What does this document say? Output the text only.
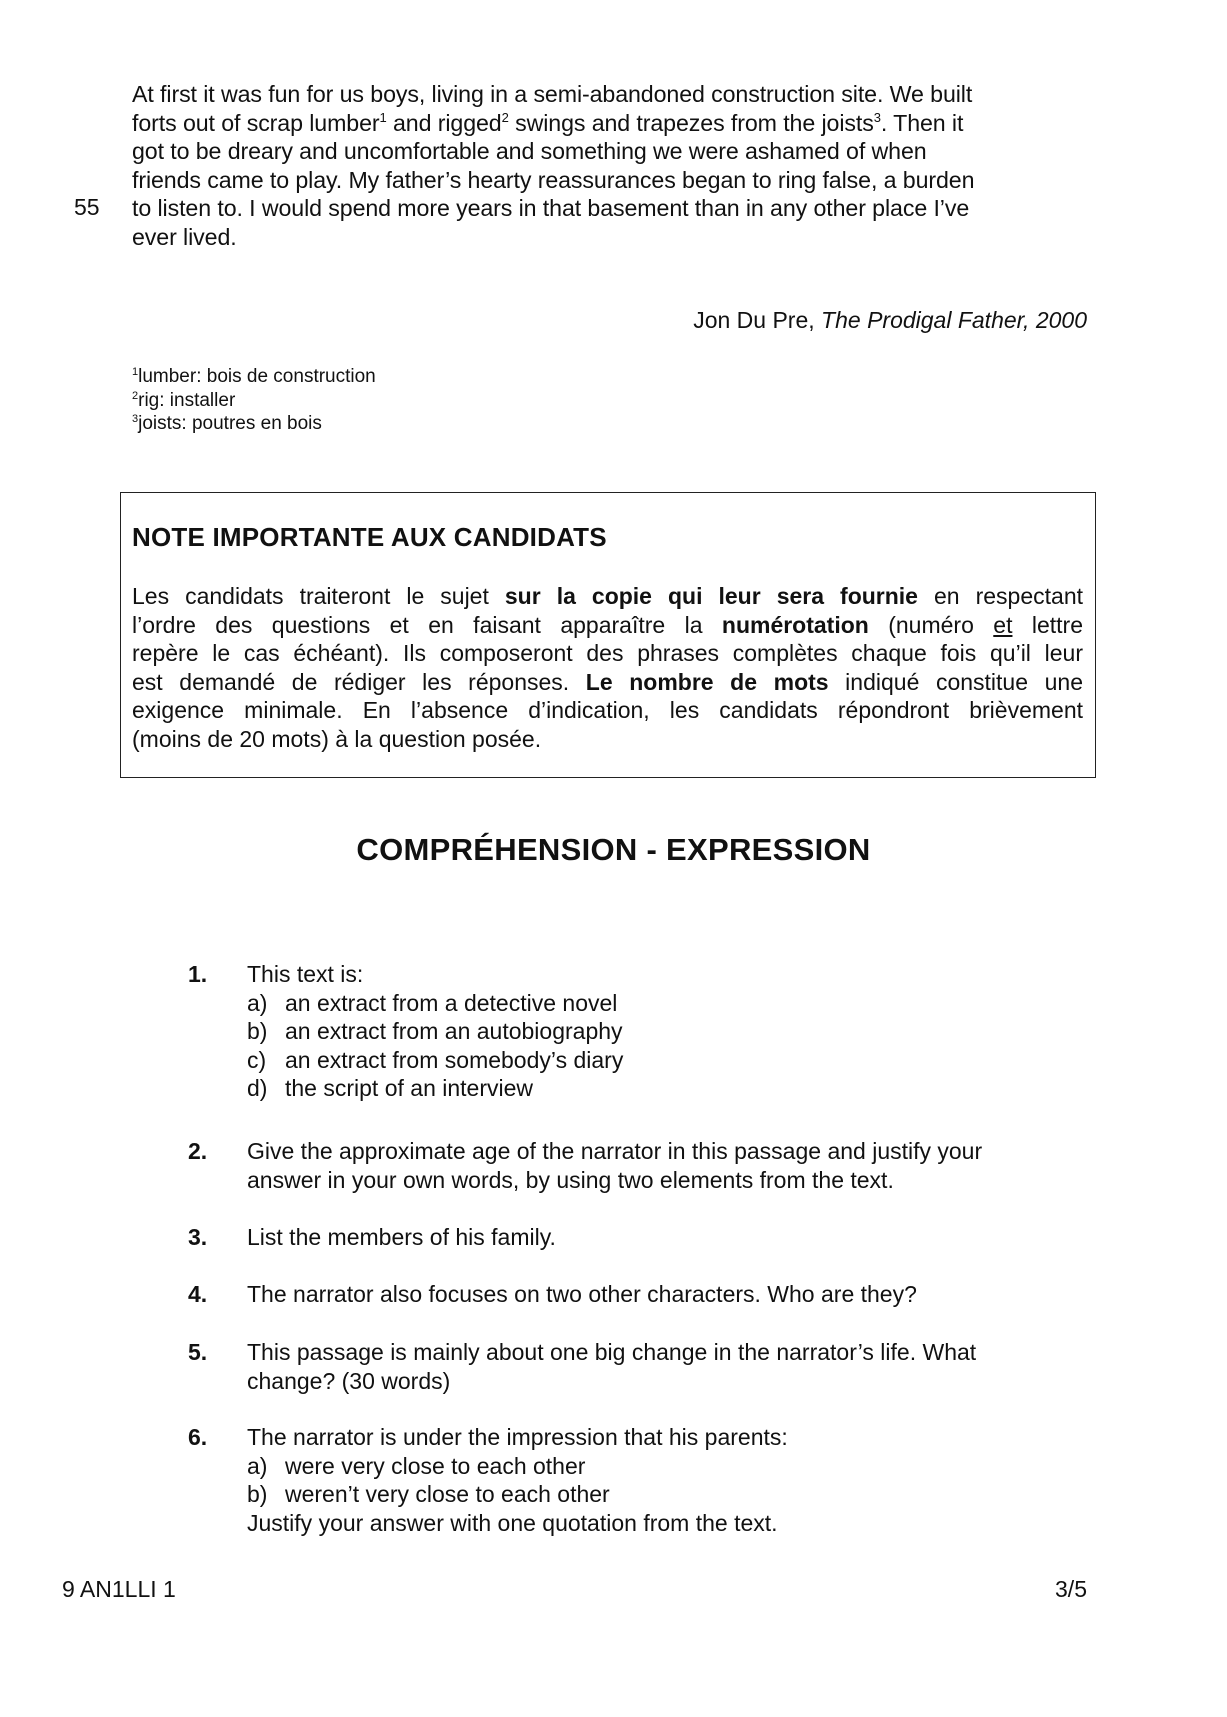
At first it was fun for us boys, living in a semi-abandoned construction site. We built
forts out of scrap lumber$^1$ and rigged$^2$ swings and trapezes from the joists$^3$. Then it
got to be dreary and uncomfortable and something we were ashamed of when
friends came to play. My father’s hearty reassurances began to ring false, a burden
to listen to. I would spend more years in that basement than in any other place I’ve
ever lived.
55
Jon Du Pre, The Prodigal Father, 2000
$^1$lumber: bois de construction
$^2$rig: installer
$^3$joists: poutres en bois
NOTE IMPORTANTE AUX CANDIDATS
Les candidats traiteront le sujet sur la copie qui leur sera fournie en respectant
l’ordre des questions et en faisant apparaître la numérotation (numéro et lettre
repère le cas échéant). Ils composeront des phrases complètes chaque fois qu’il leur
est demandé de rédiger les réponses. Le nombre de mots indiqué constitue une
exigence minimale. En l’absence d’indication, les candidats répondront brièvement
(moins de 20 mots) à la question posée.
COMPRÉHENSION - EXPRESSION
1. This text is:
a) an extract from a detective novel
b) an extract from an autobiography
c) an extract from somebody’s diary
d) the script of an interview
2. Give the approximate age of the narrator in this passage and justify your
answer in your own words, by using two elements from the text.
3. List the members of his family.
4. The narrator also focuses on two other characters. Who are they?
5. This passage is mainly about one big change in the narrator’s life. What
change? (30 words)
6. The narrator is under the impression that his parents:
a) were very close to each other
b) weren’t very close to each other
Justify your answer with one quotation from the text.
9 AN1LLI 1	3/5
